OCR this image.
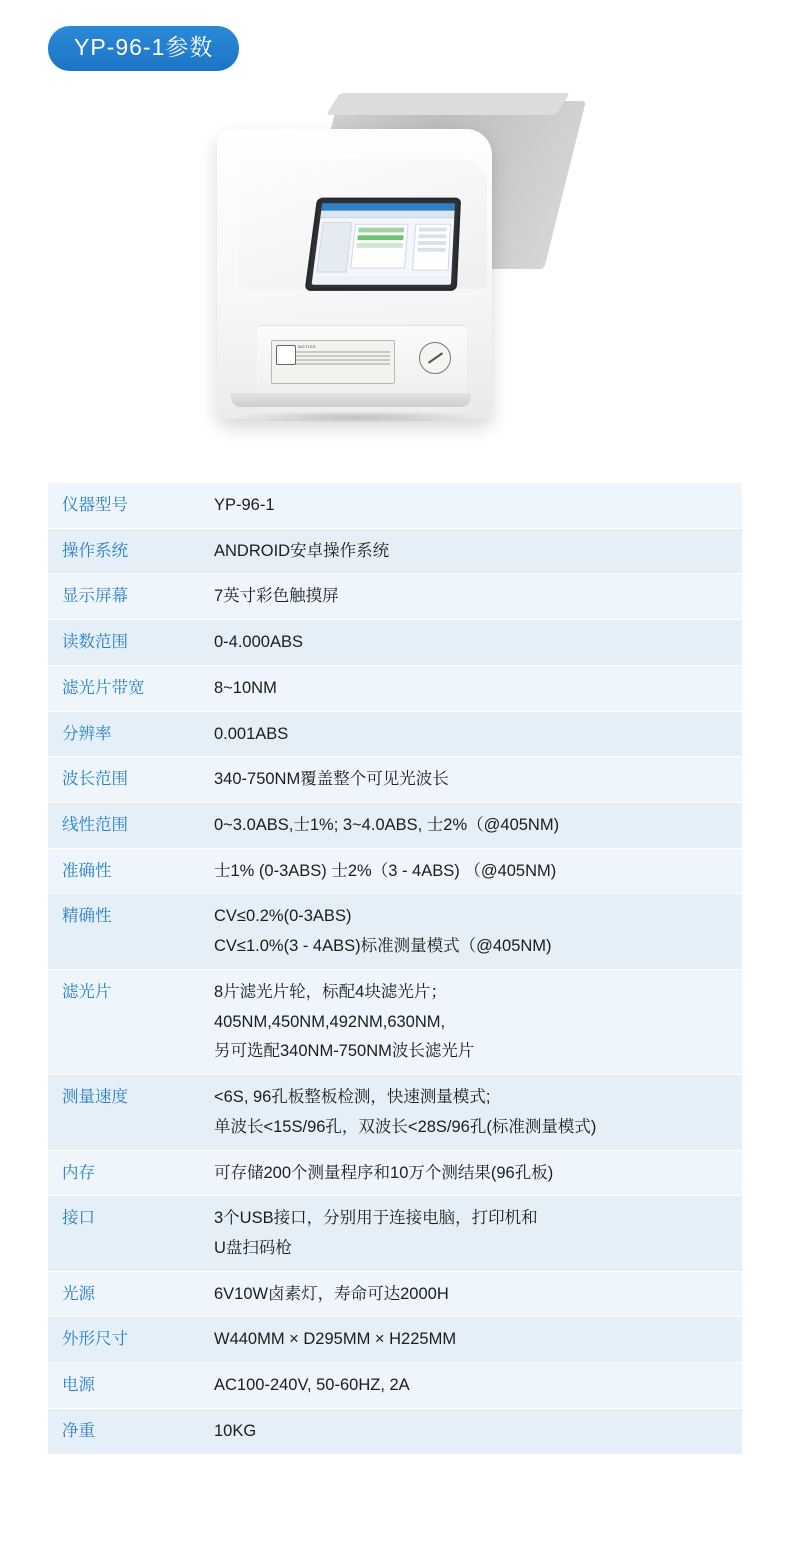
YP-96-1参数
NOTICE
仪器型号	YP-96-1

操作系统	ANDROID安卓操作系统

显示屏幕	7英寸彩色触摸屏

读数范围	0-4.000ABS

滤光片带宽	8~10NM

分辨率	0.001ABS

波长范围	340-750NM覆盖整个可见光波长

线性范围	0~3.0ABS,士1%; 3~4.0ABS, 士2%（@405NM)

准确性	士1% (0-3ABS) 士2%（3 - 4ABS) （@405NM)

精确性	CV≤0.2%(0-3ABS)
CV≤1.0%(3 - 4ABS)标准测量模式（@405NM)

滤光片	8片滤光片轮，标配4块滤光片；
405NM,450NM,492NM,630NM,
另可选配340NM-750NM波长滤光片

测量速度	<6S, 96孔板整板检测，快速测量模式;
单波长<15S/96孔，双波长<28S/96孔(标准测量模式)

内存	可存储200个测量程序和10万个测结果(96孔板)

接口	3个USB接口，分别用于连接电脑，打印机和
U盘扫码枪

光源	6V10W卤素灯，寿命可达2000H

外形尺寸	W440MM × D295MM × H225MM

电源	AC100-240V, 50-60HZ, 2A

净重	10KG
